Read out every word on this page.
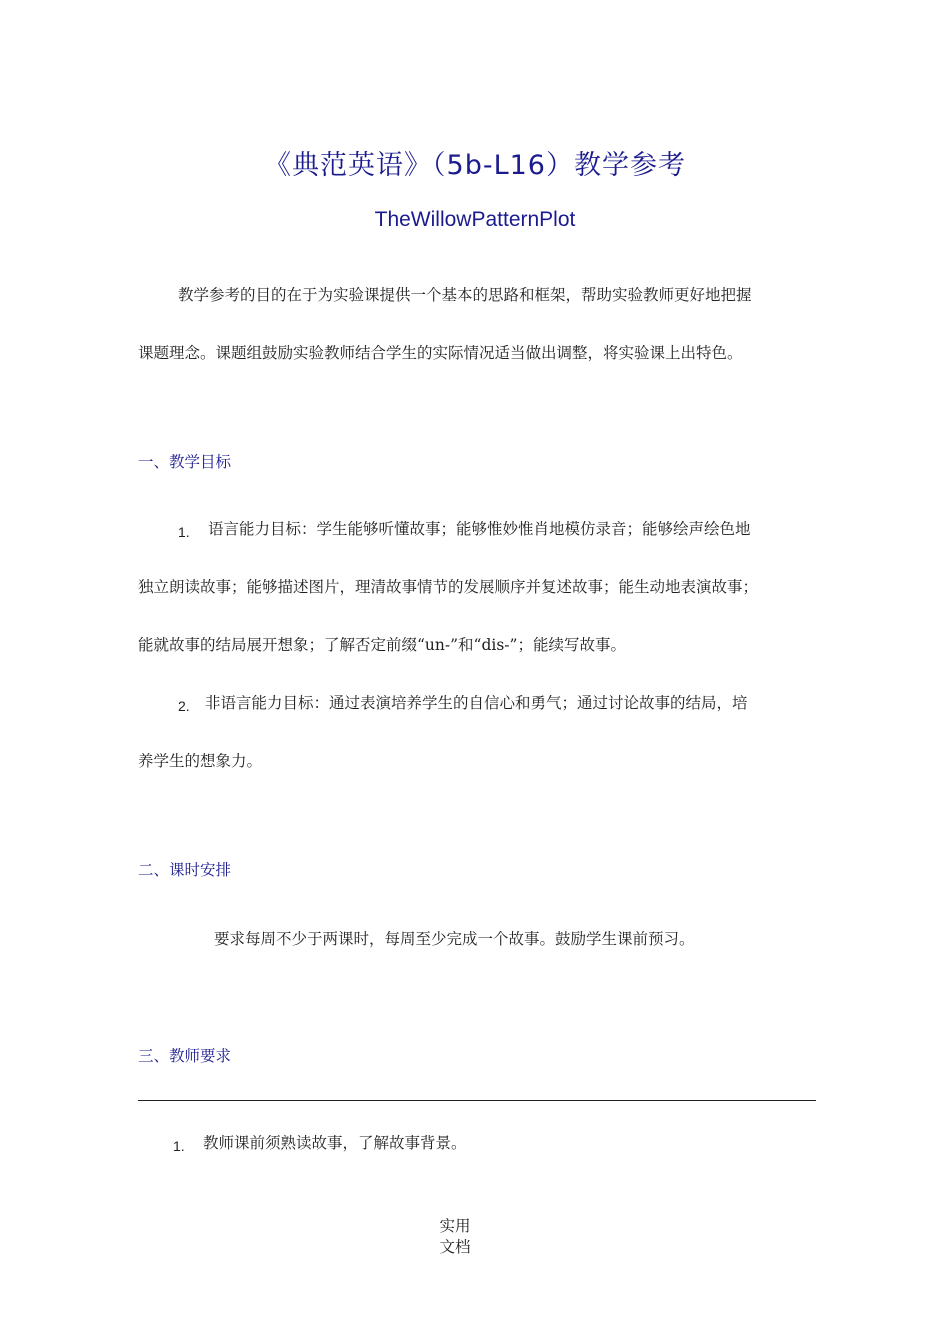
《典范英语》（5b-L16）教学参考
TheWillowPatternPlot
教学参考的目的在于为实验课提供一个基本的思路和框架，帮助实验教师更好地把握
课题理念。课题组鼓励实验教师结合学生的实际情况适当做出调整，将实验课上出特色。
一、教学目标
1. 语言能力目标：学生能够听懂故事；能够惟妙惟肖地模仿录音；能够绘声绘色地
独立朗读故事；能够描述图片，理清故事情节的发展顺序并复述故事；能生动地表演故事；
能就故事的结局展开想象；了解否定前缀“un-”和“dis-”；能续写故事。
2. 非语言能力目标：通过表演培养学生的自信心和勇气；通过讨论故事的结局，培
养学生的想象力。
二、课时安排
要求每周不少于两课时，每周至少完成一个故事。鼓励学生课前预习。
三、教师要求
1. 教师课前须熟读故事，了解故事背景。
实用
文档
